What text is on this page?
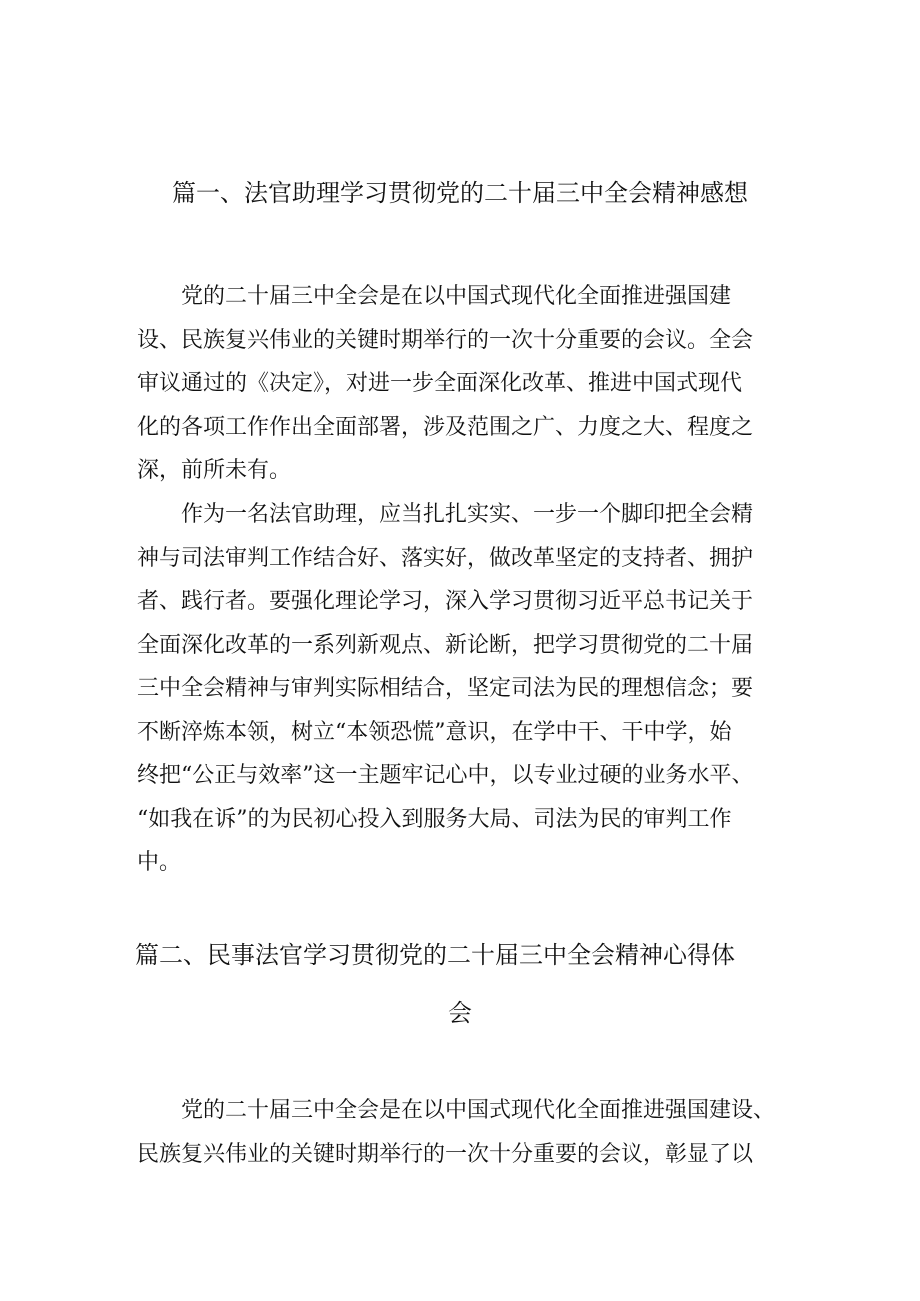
篇一、法官助理学习贯彻党的二十届三中全会精神感想

　　党的二十届三中全会是在以中国式现代化全面推进强国建
设、民族复兴伟业的关键时期举行的一次十分重要的会议。全会
审议通过的《决定》，对进一步全面深化改革、推进中国式现代
化的各项工作作出全面部署，涉及范围之广、力度之大、程度之
深，前所未有。

　　作为一名法官助理，应当扎扎实实、一步一个脚印把全会精
神与司法审判工作结合好、落实好，做改革坚定的支持者、拥护
者、践行者。要强化理论学习，深入学习贯彻习近平总书记关于
全面深化改革的一系列新观点、新论断，把学习贯彻党的二十届
三中全会精神与审判实际相结合，坚定司法为民的理想信念；要
不断淬炼本领，树立“本领恐慌”意识，在学中干、干中学，始
终把“公正与效率”这一主题牢记心中，以专业过硬的业务水平、
“如我在诉”的为民初心投入到服务大局、司法为民的审判工作
中。

篇二、民事法官学习贯彻党的二十届三中全会精神心得体
会

　　党的二十届三中全会是在以中国式现代化全面推进强国建设、
民族复兴伟业的关键时期举行的一次十分重要的会议，彰显了以
